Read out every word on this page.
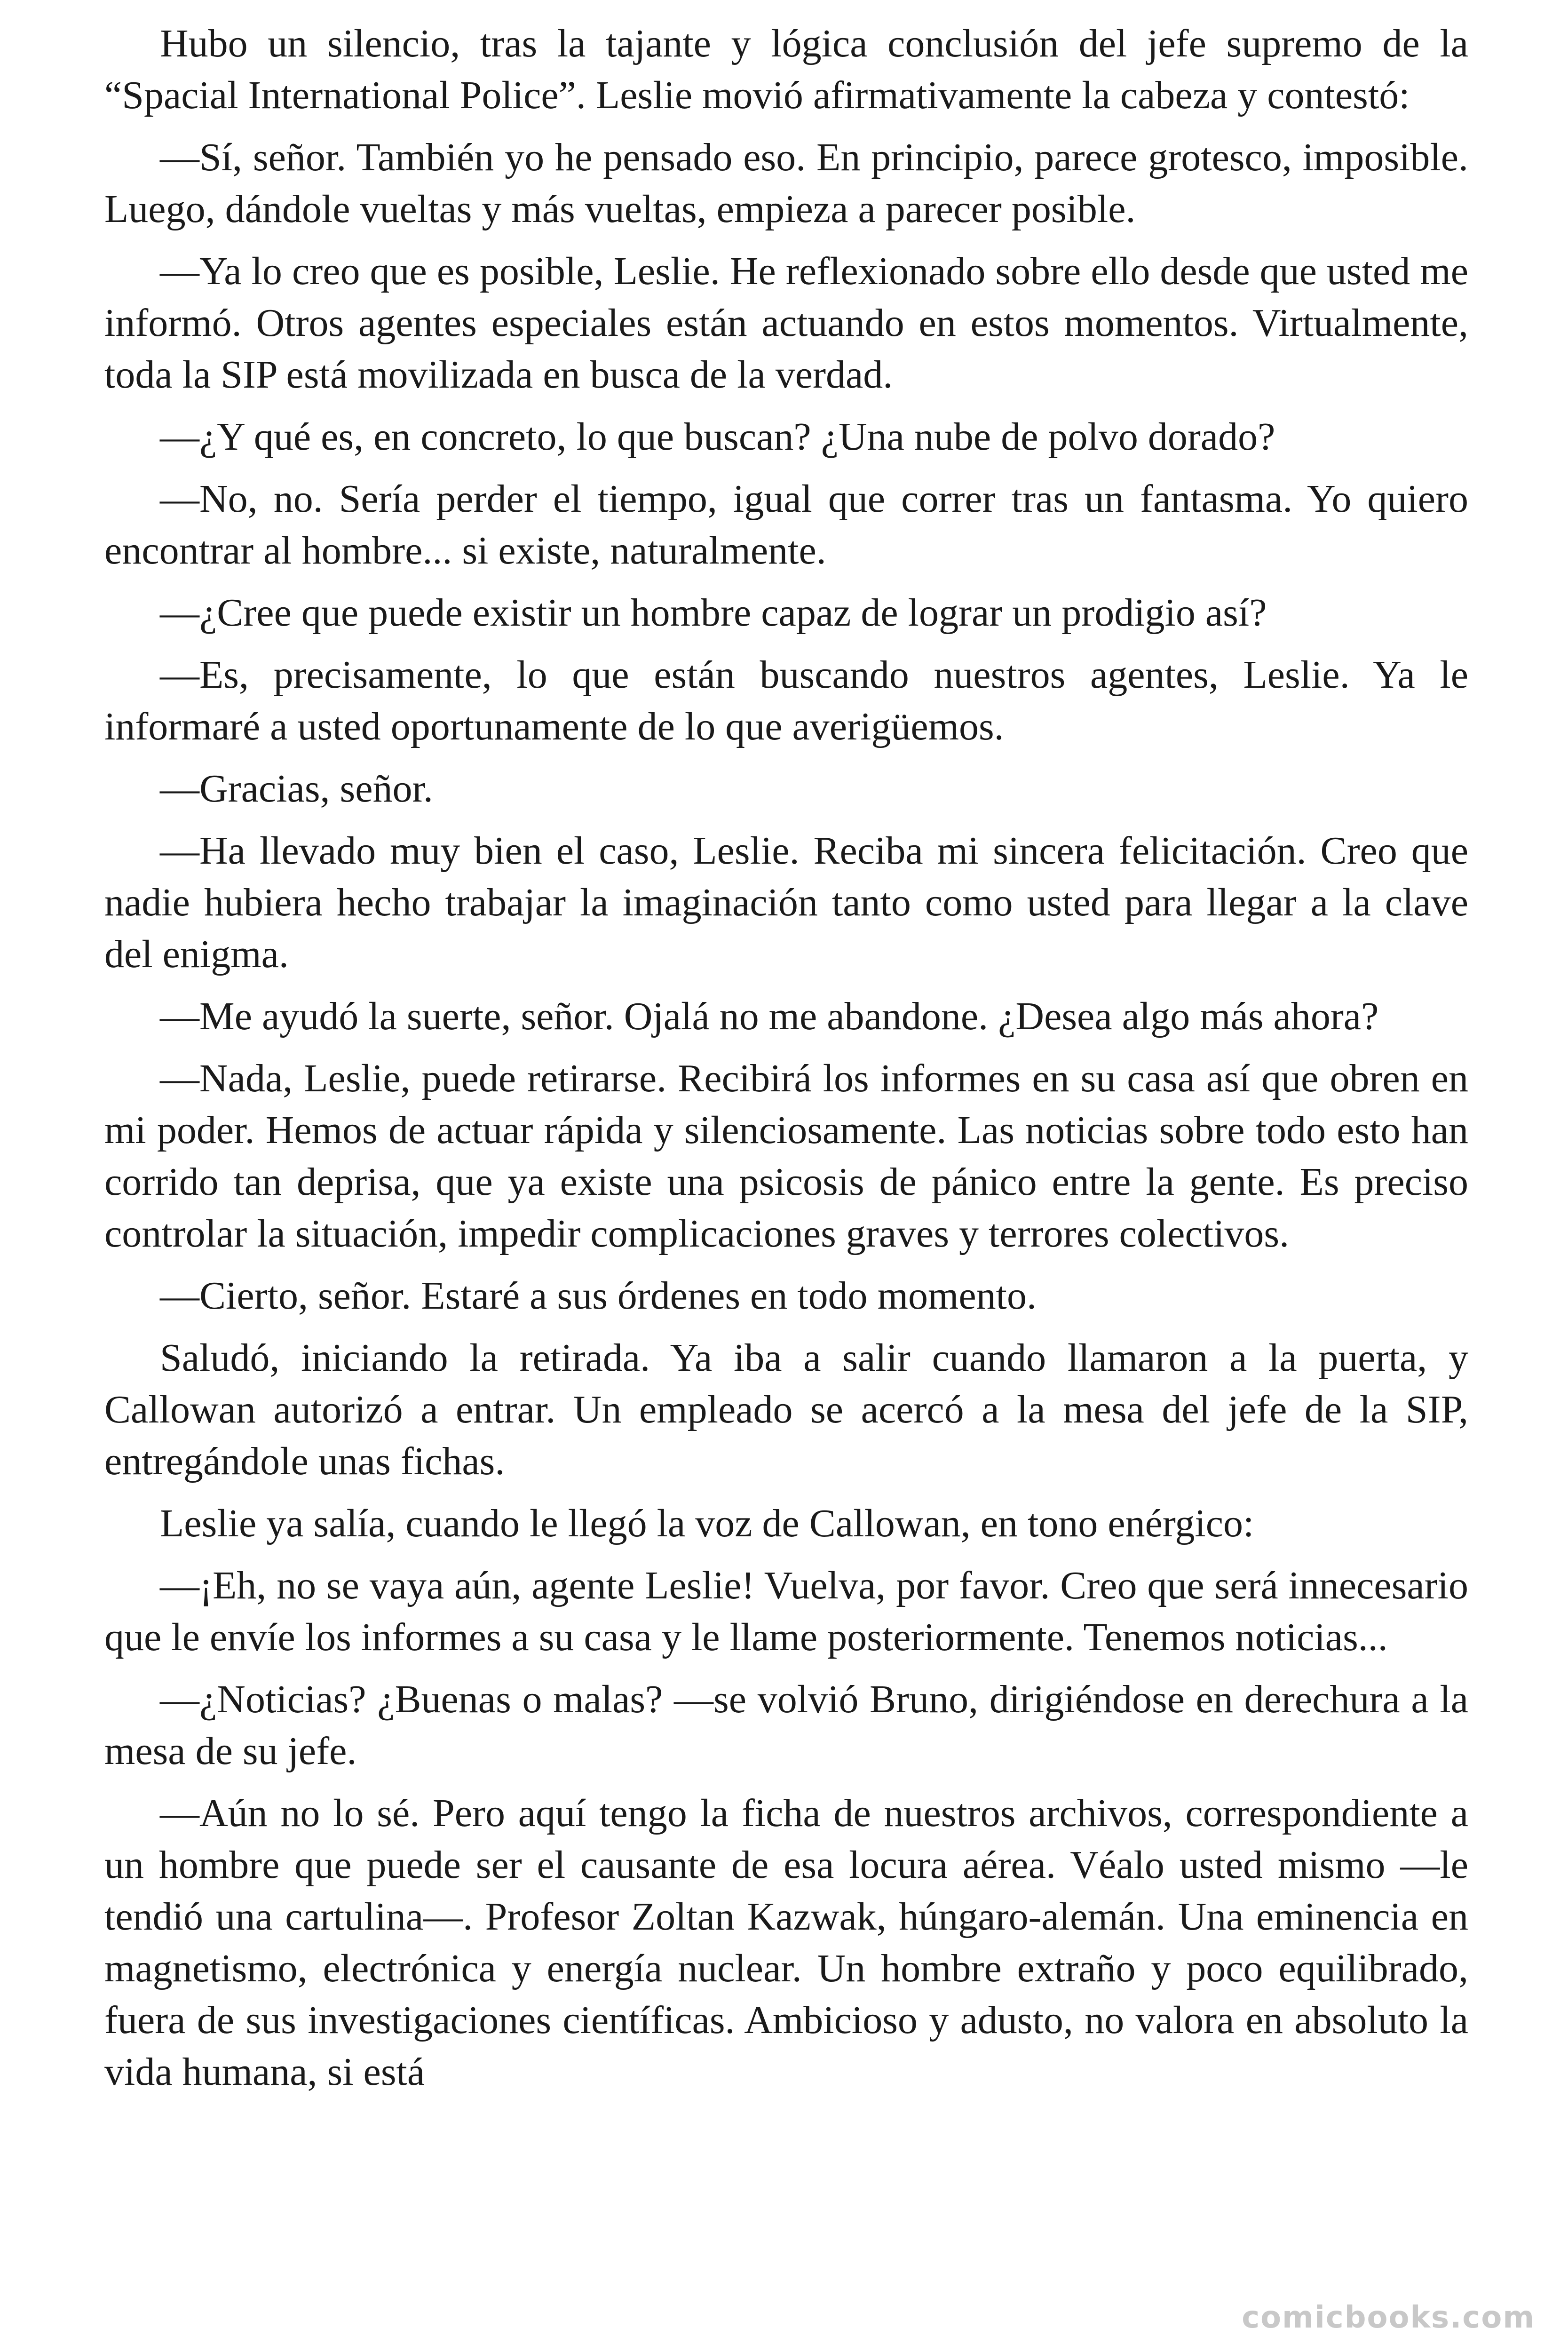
Hubo un silencio, tras la tajante y lógica conclusión del jefe supremo de la “Spacial International Police”. Leslie movió afirmativamente la cabeza y contestó:

—Sí, señor. También yo he pensado eso. En principio, parece grotesco, imposible. Luego, dándole vueltas y más vueltas, empieza a parecer posible.

—Ya lo creo que es posible, Leslie. He reflexionado sobre ello desde que usted me informó. Otros agentes especiales están actuando en estos momentos. Virtualmente, toda la SIP está movilizada en busca de la verdad.

—¿Y qué es, en concreto, lo que buscan? ¿Una nube de polvo dorado?

—No, no. Sería perder el tiempo, igual que correr tras un fantasma. Yo quiero encontrar al hombre... si existe, naturalmente.

—¿Cree que puede existir un hombre capaz de lograr un prodigio así?

—Es, precisamente, lo que están buscando nuestros agentes, Leslie. Ya le informaré a usted oportunamente de lo que averigüemos.

—Gracias, señor.

—Ha llevado muy bien el caso, Leslie. Reciba mi sincera felicitación. Creo que nadie hubiera hecho trabajar la imaginación tanto como usted para llegar a la clave del enigma.

—Me ayudó la suerte, señor. Ojalá no me abandone. ¿Desea algo más ahora?

—Nada, Leslie, puede retirarse. Recibirá los informes en su casa así que obren en mi poder. Hemos de actuar rápida y silenciosamente. Las noticias sobre todo esto han corrido tan deprisa, que ya existe una psicosis de pánico entre la gente. Es preciso controlar la situación, impedir complicaciones graves y terrores colectivos.

—Cierto, señor. Estaré a sus órdenes en todo momento.

Saludó, iniciando la retirada. Ya iba a salir cuando llamaron a la puerta, y Callowan autorizó a entrar. Un empleado se acercó a la mesa del jefe de la SIP, entregándole unas fichas.

Leslie ya salía, cuando le llegó la voz de Callowan, en tono enérgico:

—¡Eh, no se vaya aún, agente Leslie! Vuelva, por favor. Creo que será innecesario que le envíe los informes a su casa y le llame posteriormente. Tenemos noticias...

—¿Noticias? ¿Buenas o malas? —se volvió Bruno, dirigiéndose en derechura a la mesa de su jefe.

—Aún no lo sé. Pero aquí tengo la ficha de nuestros archivos, correspondiente a un hombre que puede ser el causante de esa locura aérea. Véalo usted mismo —le tendió una cartulina—. Profesor Zoltan Kazwak, húngaro-alemán. Una eminencia en magnetismo, electrónica y energía nuclear. Un hombre extraño y poco equilibrado, fuera de sus investigaciones científicas. Ambicioso y adusto, no valora en absoluto la vida humana, si está

comicbooks.com
